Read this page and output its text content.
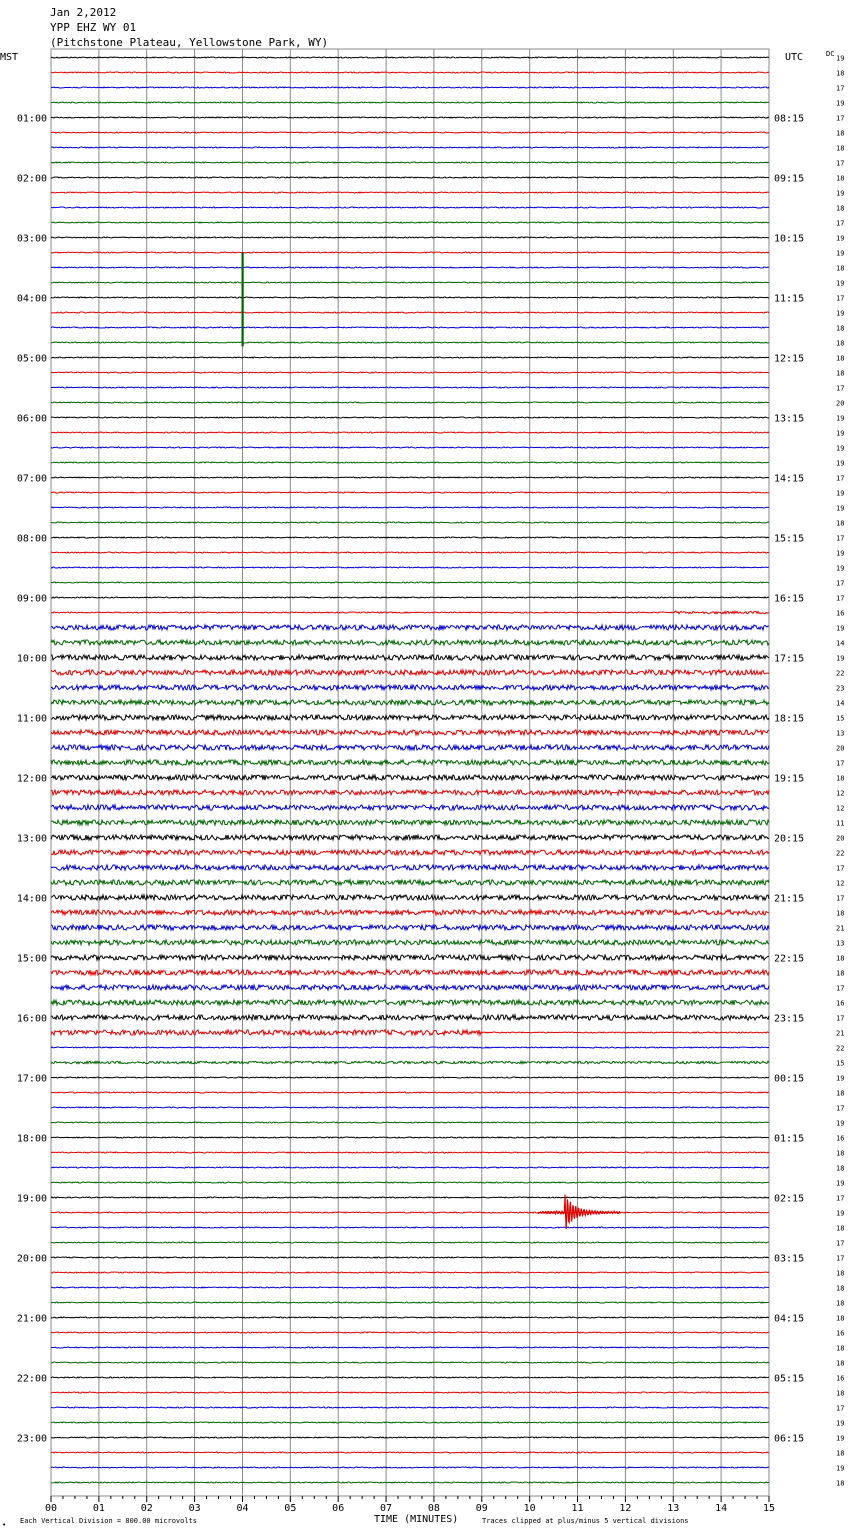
Jan 2,2012
YPP EHZ WY 01
(Pitchstone Plateau, Yellowstone Park, WY)
MST	UTC	DC
TIME (MINUTES)
Each Vertical Division = 800.00 microvolts	Traces clipped at plus/minus 5 vertical divisions
•
01:00
02:00
03:00
04:00
05:00
06:00
07:00
08:00
09:00
10:00
11:00
12:00
13:00
14:00
15:00
16:00
17:00
18:00
19:00
20:00
21:00
22:00
23:00
08:15
09:15
10:15
11:15
12:15
13:15
14:15
15:15
16:15
17:15
18:15
19:15
20:15
21:15
22:15
23:15
00:15
01:15
02:15
03:15
04:15
05:15
06:15
00	01	02	03	04	05	06	07	08	09	10	11	12	13	14	15
19
18
17
19
17
18
18
17
18
19
18
17
19
19
18
19
17
19
18
18
18
18
17
20
19
19
19
19
17
19
19
18
17
19
19
17
17
16
19
14
19
22
23
14
15
13
20
17
18
12
12
11
20
22
17
12
17
18
21
13
18
18
17
16
17
21
22
15
19
18
17
19
16
18
18
19
17
19
18
17
17
18
18
18
18
16
18
18
16
18
17
19
19
18
19
18
